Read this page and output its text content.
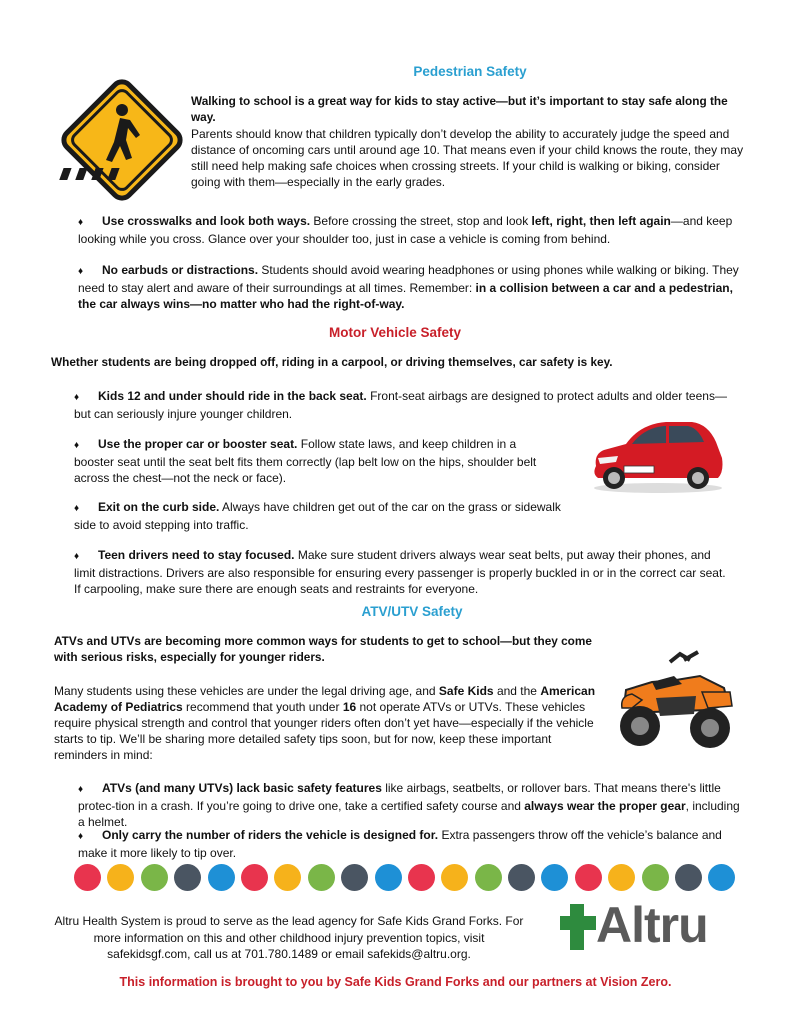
Pedestrian Safety

Walking to school is a great way for kids to stay active—but it’s important to stay safe along the way.

Parents should know that children typically don’t develop the ability to accurately judge the speed and distance of oncoming cars until around age 10. That means even if your child knows the route, they may still need help making safe choices when crossing streets. If your child is walking or biking, consider going with them—especially in the early grades.

♦ Use crosswalks and look both ways. Before crossing the street, stop and look left, right, then left again—and keep looking while you cross. Glance over your shoulder too, just in case a vehicle is coming from behind.

♦ No earbuds or distractions. Students should avoid wearing headphones or using phones while walking or biking. They need to stay alert and aware of their surroundings at all times. Remember: in a collision between a car and a pedestrian, the car always wins—no matter who had the right-of-way.

Motor Vehicle Safety

Whether students are being dropped off, riding in a carpool, or driving themselves, car safety is key.

♦ Kids 12 and under should ride in the back seat. Front-seat airbags are designed to protect adults and older teens—but can seriously injure younger children.

♦ Use the proper car or booster seat. Follow state laws, and keep children in a booster seat until the seat belt fits them correctly (lap belt low on the hips, shoulder belt across the chest—not the neck or face).

♦ Exit on the curb side. Always have children get out of the car on the grass or sidewalk side to avoid stepping into traffic.

♦ Teen drivers need to stay focused. Make sure student drivers always wear seat belts, put away their phones, and limit distractions. Drivers are also responsible for ensuring every passenger is properly buckled in or in the correct car seat. If carpooling, make sure there are enough seats and restraints for everyone.

ATV/UTV Safety

ATVs and UTVs are becoming more common ways for students to get to school—but they come with serious risks, especially for younger riders.

Many students using these vehicles are under the legal driving age, and Safe Kids and the American Academy of Pediatrics recommend that youth under 16 not operate ATVs or UTVs. These vehicles require physical strength and control that younger riders often don’t yet have—especially if the vehicle starts to tip. We’ll be sharing more detailed safety tips soon, but for now, keep these important reminders in mind:

♦ ATVs (and many UTVs) lack basic safety features like airbags, seatbelts, or rollover bars. That means there's little protec-tion in a crash. If you’re going to drive one, take a certified safety course and always wear the proper gear, including a helmet.

♦ Only carry the number of riders the vehicle is designed for. Extra passengers throw off the vehicle’s balance and make it more likely to tip over.

Altru Health System is proud to serve as the lead agency for Safe Kids Grand Forks. For more information on this and other childhood injury prevention topics, visit safekidsgf.com, call us at 701.780.1489 or email safekids@altru.org.

Altru

This information is brought to you by Safe Kids Grand Forks and our partners at Vision Zero.
